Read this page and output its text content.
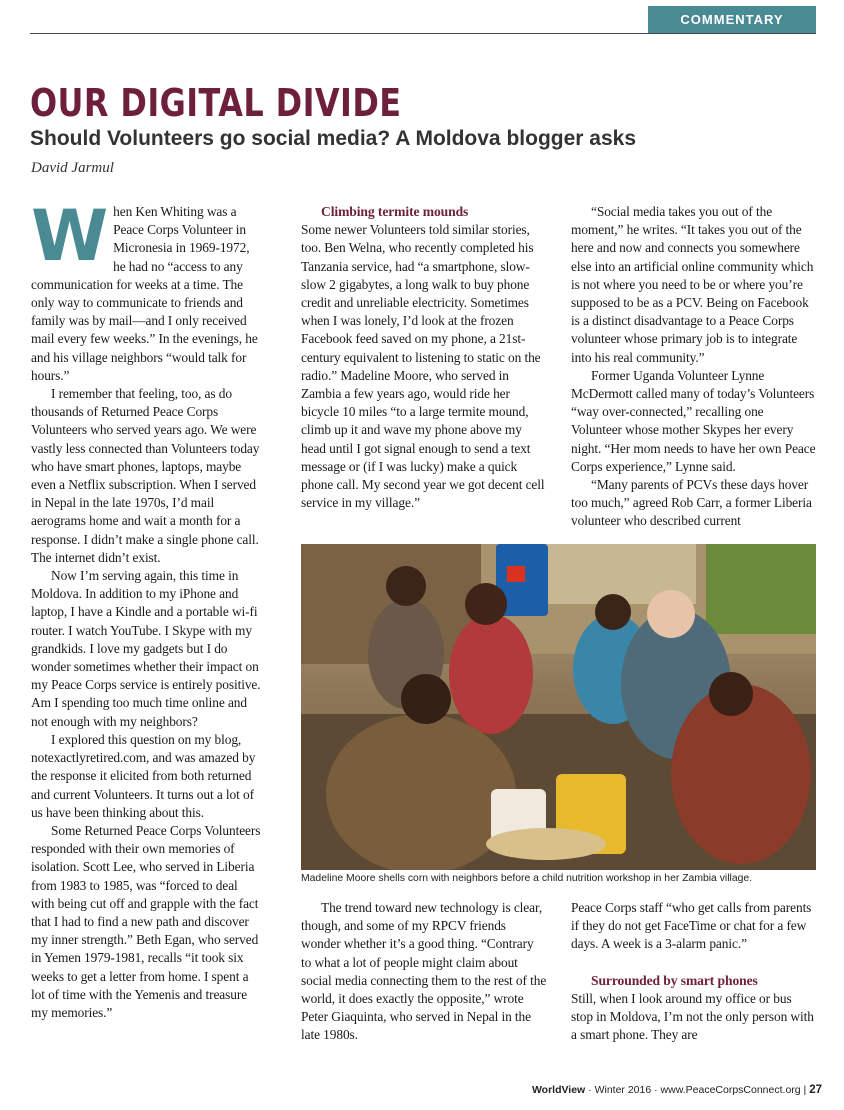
COMMENTARY
OUR DIGITAL DIVIDE
Should Volunteers go social media? A Moldova blogger asks
David Jarmul

When Ken Whiting was a Peace Corps Volunteer in Micronesia in 1969-1972, he had no “access to any communication for weeks at a time. The only way to communicate to friends and family was by mail—and I only received mail every few weeks.” In the evenings, he and his village neighbors “would talk for hours.”

I remember that feeling, too, as do thousands of Returned Peace Corps Volunteers who served years ago. We were vastly less connected than Volunteers today who have smart phones, laptops, maybe even a Netflix subscription. When I served in Nepal in the late 1970s, I’d mail aerograms home and wait a month for a response. I didn’t make a single phone call. The internet didn’t exist.

Now I’m serving again, this time in Moldova. In addition to my iPhone and laptop, I have a Kindle and a portable wi-fi router. I watch YouTube. I Skype with my grandkids. I love my gadgets but I do wonder sometimes whether their impact on my Peace Corps service is entirely positive. Am I spending too much time online and not enough with my neighbors?

I explored this question on my blog, notexactlyretired.com, and was amazed by the response it elicited from both returned and current Volunteers. It turns out a lot of us have been thinking about this.

Some Returned Peace Corps Volunteers responded with their own memories of isolation. Scott Lee, who served in Liberia from 1983 to 1985, was “forced to deal with being cut off and grapple with the fact that I had to find a new path and discover my inner strength.” Beth Egan, who served in Yemen 1979-1981, recalls “it took six weeks to get a letter from home. I spent a lot of time with the Yemenis and treasure my memories.”

Climbing termite mounds

Some newer Volunteers told similar stories, too. Ben Welna, who recently completed his Tanzania service, had “a smartphone, slow-slow 2 gigabytes, a long walk to buy phone credit and unreliable electricity. Sometimes when I was lonely, I’d look at the frozen Facebook feed saved on my phone, a 21st-century equivalent to listening to static on the radio.” Madeline Moore, who served in Zambia a few years ago, would ride her bicycle 10 miles “to a large termite mound, climb up it and wave my phone above my head until I got signal enough to send a text message or (if I was lucky) make a quick phone call. My second year we got decent cell service in my village.”

“Social media takes you out of the moment,” he writes. “It takes you out of the here and now and connects you somewhere else into an artificial online community which is not where you need to be or where you’re supposed to be as a PCV. Being on Facebook is a distinct disadvantage to a Peace Corps volunteer whose primary job is to integrate into his real community.”

Former Uganda Volunteer Lynne McDermott called many of today’s Volunteers “way over-connected,” recalling one Volunteer whose mother Skypes her every night. “Her mom needs to have her own Peace Corps experience,” Lynne said.

“Many parents of PCVs these days hover too much,” agreed Rob Carr, a former Liberia volunteer who described current

Madeline Moore shells corn with neighbors before a child nutrition workshop in her Zambia village.

The trend toward new technology is clear, though, and some of my RPCV friends wonder whether it’s a good thing. “Contrary to what a lot of people might claim about social media connecting them to the rest of the world, it does exactly the opposite,” wrote Peter Giaquinta, who served in Nepal in the late 1980s.

Peace Corps staff “who get calls from parents if they do not get FaceTime or chat for a few days. A week is a 3-alarm panic.”

Surrounded by smart phones

Still, when I look around my office or bus stop in Moldova, I’m not the only person with a smart phone. They are

WorldView · Winter 2016 · www.PeaceCorpsConnect.org | 27
